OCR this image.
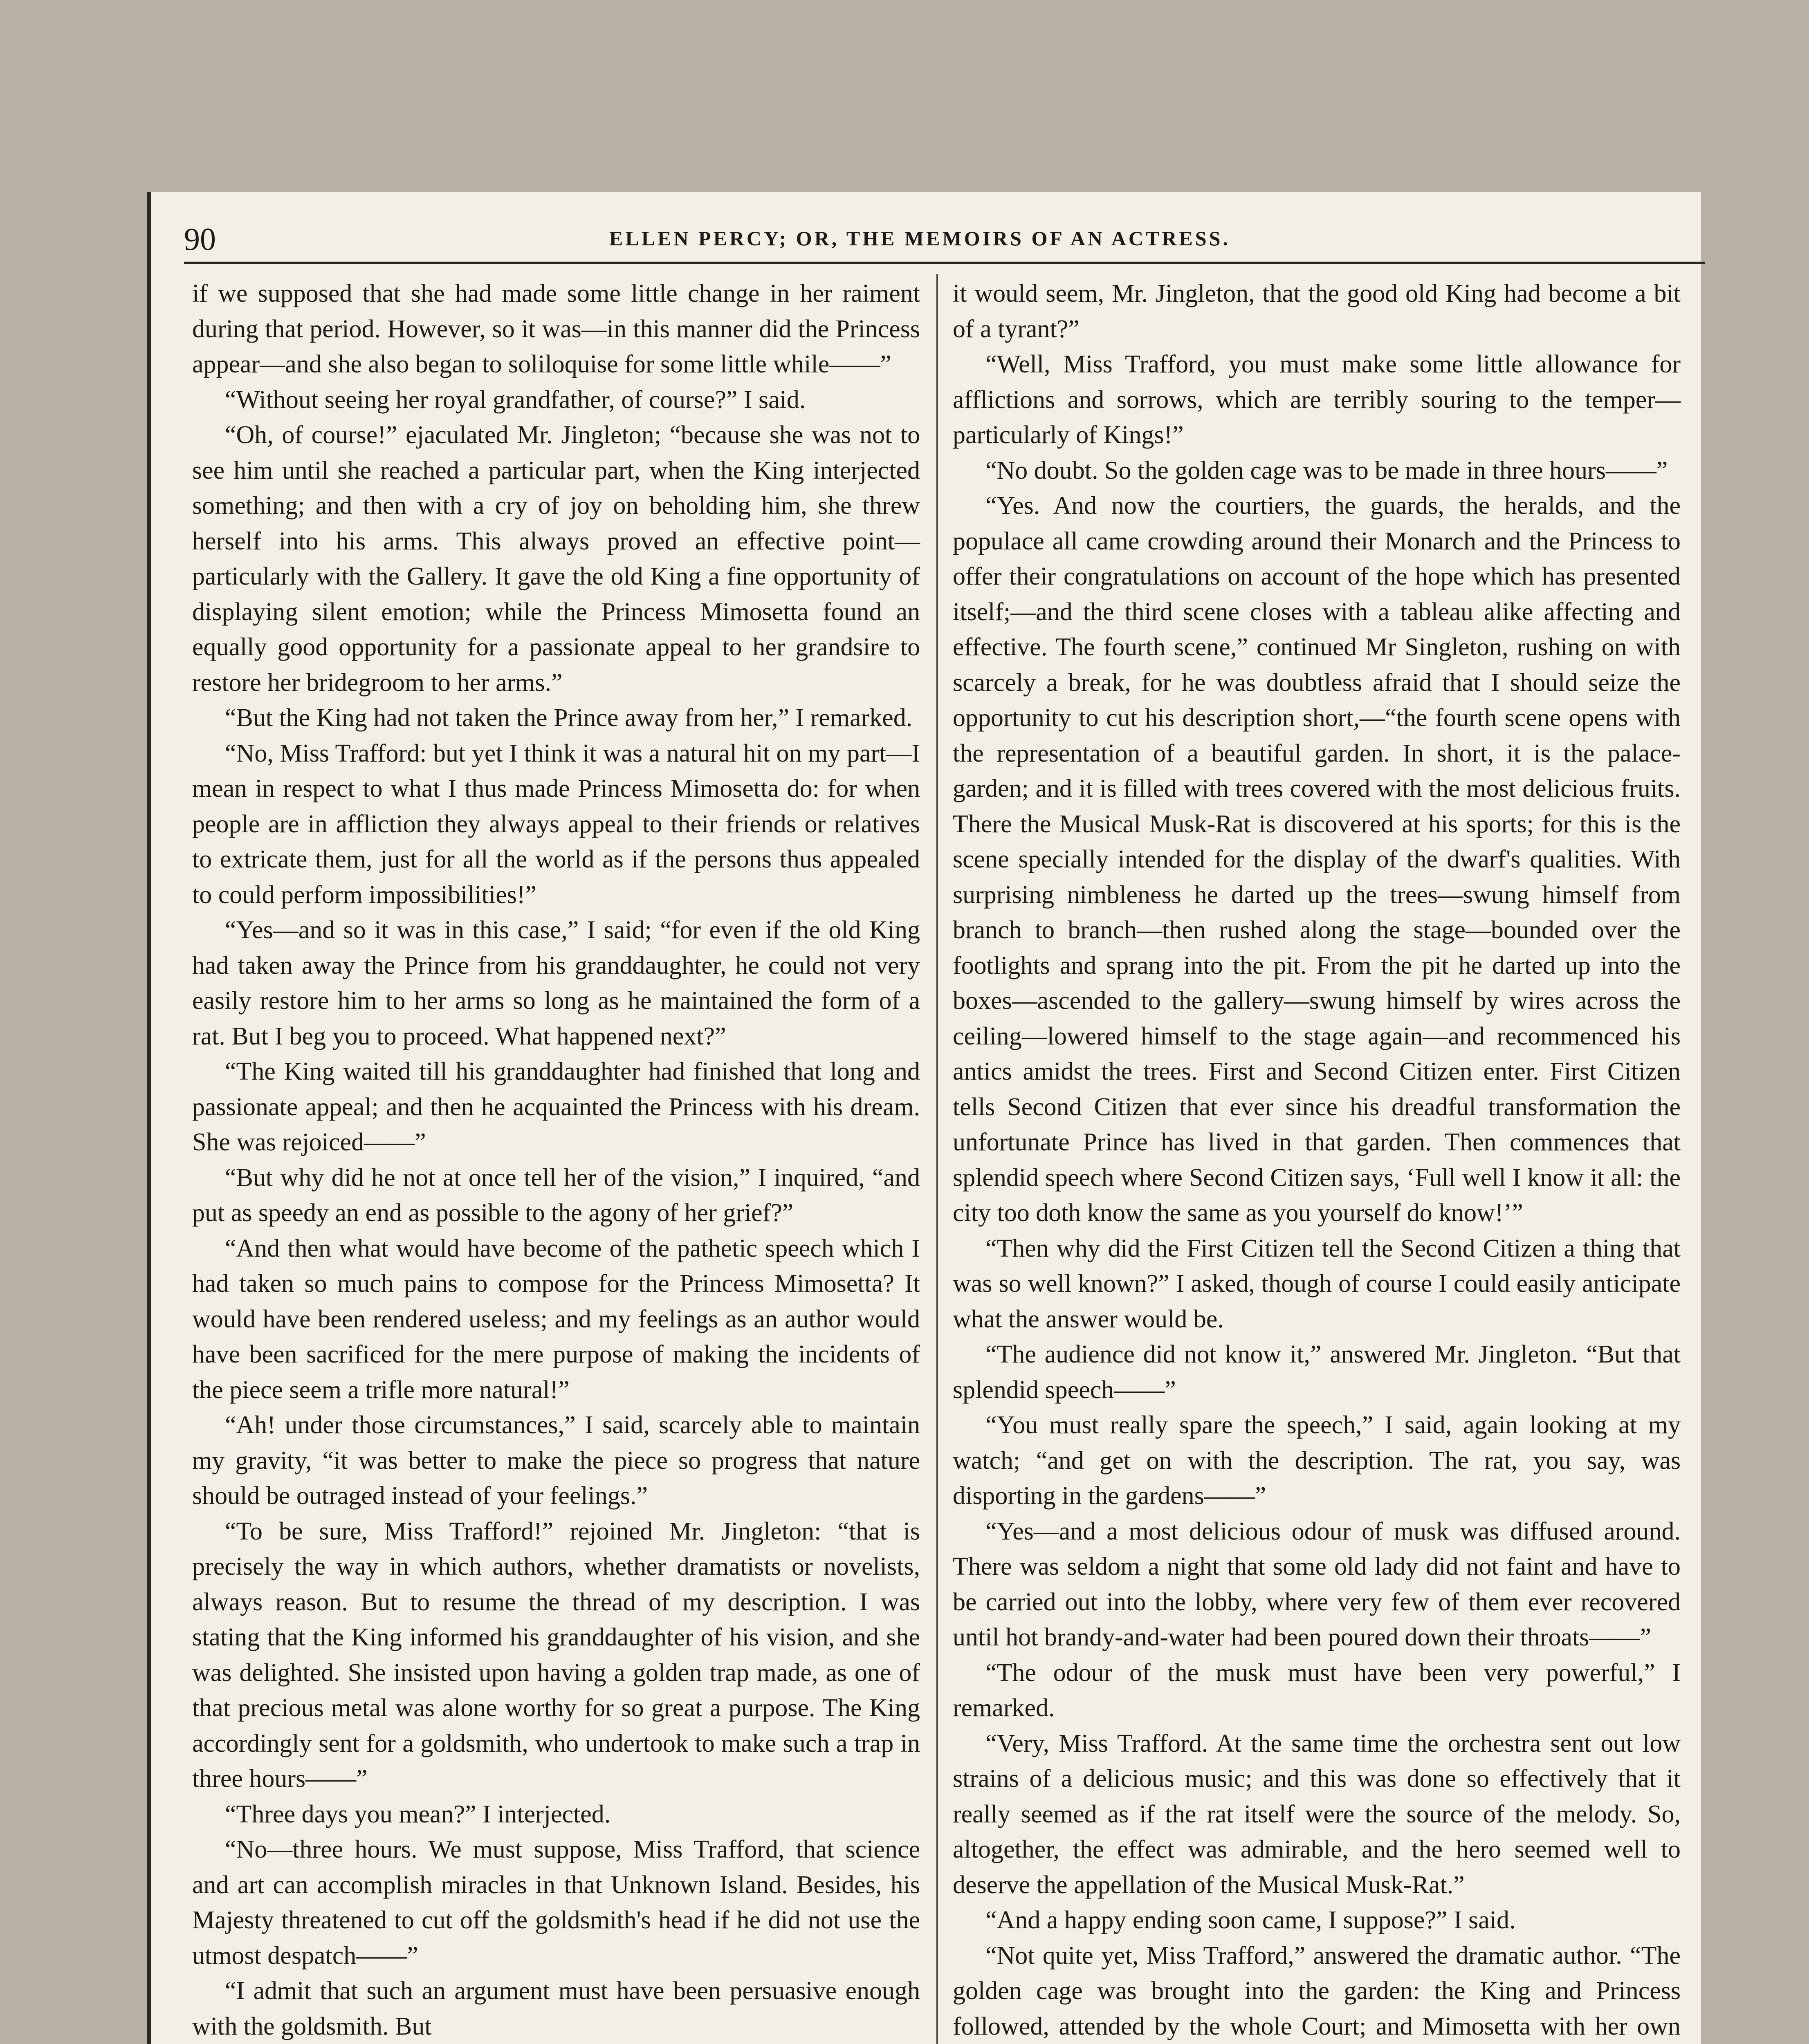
90	ELLEN PERCY; OR, THE MEMOIRS OF AN ACTRESS.

if we supposed that she had made some little change in her raiment during that period. However, so it was—in this manner did the Princess appear—and she also began to soliloquise for some little while——”

“Without seeing her royal grandfather, of course?” I said.

“Oh, of course!” ejaculated Mr. Jingleton; “because she was not to see him until she reached a particular part, when the King interjected something; and then with a cry of joy on beholding him, she threw herself into his arms. This always proved an effective point—particularly with the Gallery. It gave the old King a fine opportunity of displaying silent emotion; while the Princess Mimosetta found an equally good opportunity for a passionate appeal to her grandsire to restore her bridegroom to her arms.”

“But the King had not taken the Prince away from her,” I remarked.

“No, Miss Trafford: but yet I think it was a natural hit on my part—I mean in respect to what I thus made Princess Mimosetta do: for when people are in affliction they always appeal to their friends or relatives to extricate them, just for all the world as if the persons thus appealed to could perform impossibilities!”

“Yes—and so it was in this case,” I said; “for even if the old King had taken away the Prince from his granddaughter, he could not very easily restore him to her arms so long as he maintained the form of a rat. But I beg you to proceed. What happened next?”

“The King waited till his granddaughter had finished that long and passionate appeal; and then he acquainted the Princess with his dream. She was rejoiced——”

“But why did he not at once tell her of the vision,” I inquired, “and put as speedy an end as possible to the agony of her grief?”

“And then what would have become of the pathetic speech which I had taken so much pains to compose for the Princess Mimosetta? It would have been rendered useless; and my feelings as an author would have been sacrificed for the mere purpose of making the incidents of the piece seem a trifle more natural!”

“Ah! under those circumstances,” I said, scarcely able to maintain my gravity, “it was better to make the piece so progress that nature should be outraged instead of your feelings.”

“To be sure, Miss Trafford!” rejoined Mr. Jingleton: “that is precisely the way in which authors, whether dramatists or novelists, always reason. But to resume the thread of my description. I was stating that the King informed his granddaughter of his vision, and she was delighted. She insisted upon having a golden trap made, as one of that precious metal was alone worthy for so great a purpose. The King accordingly sent for a goldsmith, who undertook to make such a trap in three hours——”

“Three days you mean?” I interjected.

“No—three hours. We must suppose, Miss Trafford, that science and art can accomplish miracles in that Unknown Island. Besides, his Majesty threatened to cut off the goldsmith's head if he did not use the utmost despatch——”

“I admit that such an argument must have been persuasive enough with the goldsmith. But

it would seem, Mr. Jingleton, that the good old King had become a bit of a tyrant?”

“Well, Miss Trafford, you must make some little allowance for afflictions and sorrows, which are terribly souring to the temper—particularly of Kings!”

“No doubt. So the golden cage was to be made in three hours——”

“Yes. And now the courtiers, the guards, the heralds, and the populace all came crowding around their Monarch and the Princess to offer their congratulations on account of the hope which has presented itself;—and the third scene closes with a tableau alike affecting and effective. The fourth scene,” continued Mr Singleton, rushing on with scarcely a break, for he was doubtless afraid that I should seize the opportunity to cut his description short,—“the fourth scene opens with the representation of a beautiful garden. In short, it is the palace-garden; and it is filled with trees covered with the most delicious fruits. There the Musical Musk-Rat is discovered at his sports; for this is the scene specially intended for the display of the dwarf's qualities. With surprising nimbleness he darted up the trees—swung himself from branch to branch—then rushed along the stage—bounded over the footlights and sprang into the pit. From the pit he darted up into the boxes—ascended to the gallery—swung himself by wires across the ceiling—lowered himself to the stage again—and recommenced his antics amidst the trees. First and Second Citizen enter. First Citizen tells Second Citizen that ever since his dreadful transformation the unfortunate Prince has lived in that garden. Then commences that splendid speech where Second Citizen says, ‘Full well I know it all: the city too doth know the same as you yourself do know!’”

“Then why did the First Citizen tell the Second Citizen a thing that was so well known?” I asked, though of course I could easily anticipate what the answer would be.

“The audience did not know it,” answered Mr. Jingleton. “But that splendid speech——”

“You must really spare the speech,” I said, again looking at my watch; “and get on with the description. The rat, you say, was disporting in the gardens——”

“Yes—and a most delicious odour of musk was diffused around. There was seldom a night that some old lady did not faint and have to be carried out into the lobby, where very few of them ever recovered until hot brandy-and-water had been poured down their throats——”

“The odour of the musk must have been very powerful,” I remarked.

“Very, Miss Trafford. At the same time the orchestra sent out low strains of a delicious music; and this was done so effectively that it really seemed as if the rat itself were the source of the melody. So, altogether, the effect was admirable, and the hero seemed well to deserve the appellation of the Musical Musk-Rat.”

“And a happy ending soon came, I suppose?” I said.

“Not quite yet, Miss Trafford,” answered the dramatic author. “The golden cage was brought into the garden: the King and Princess followed, attended by the whole Court; and Mimosetta with her own
